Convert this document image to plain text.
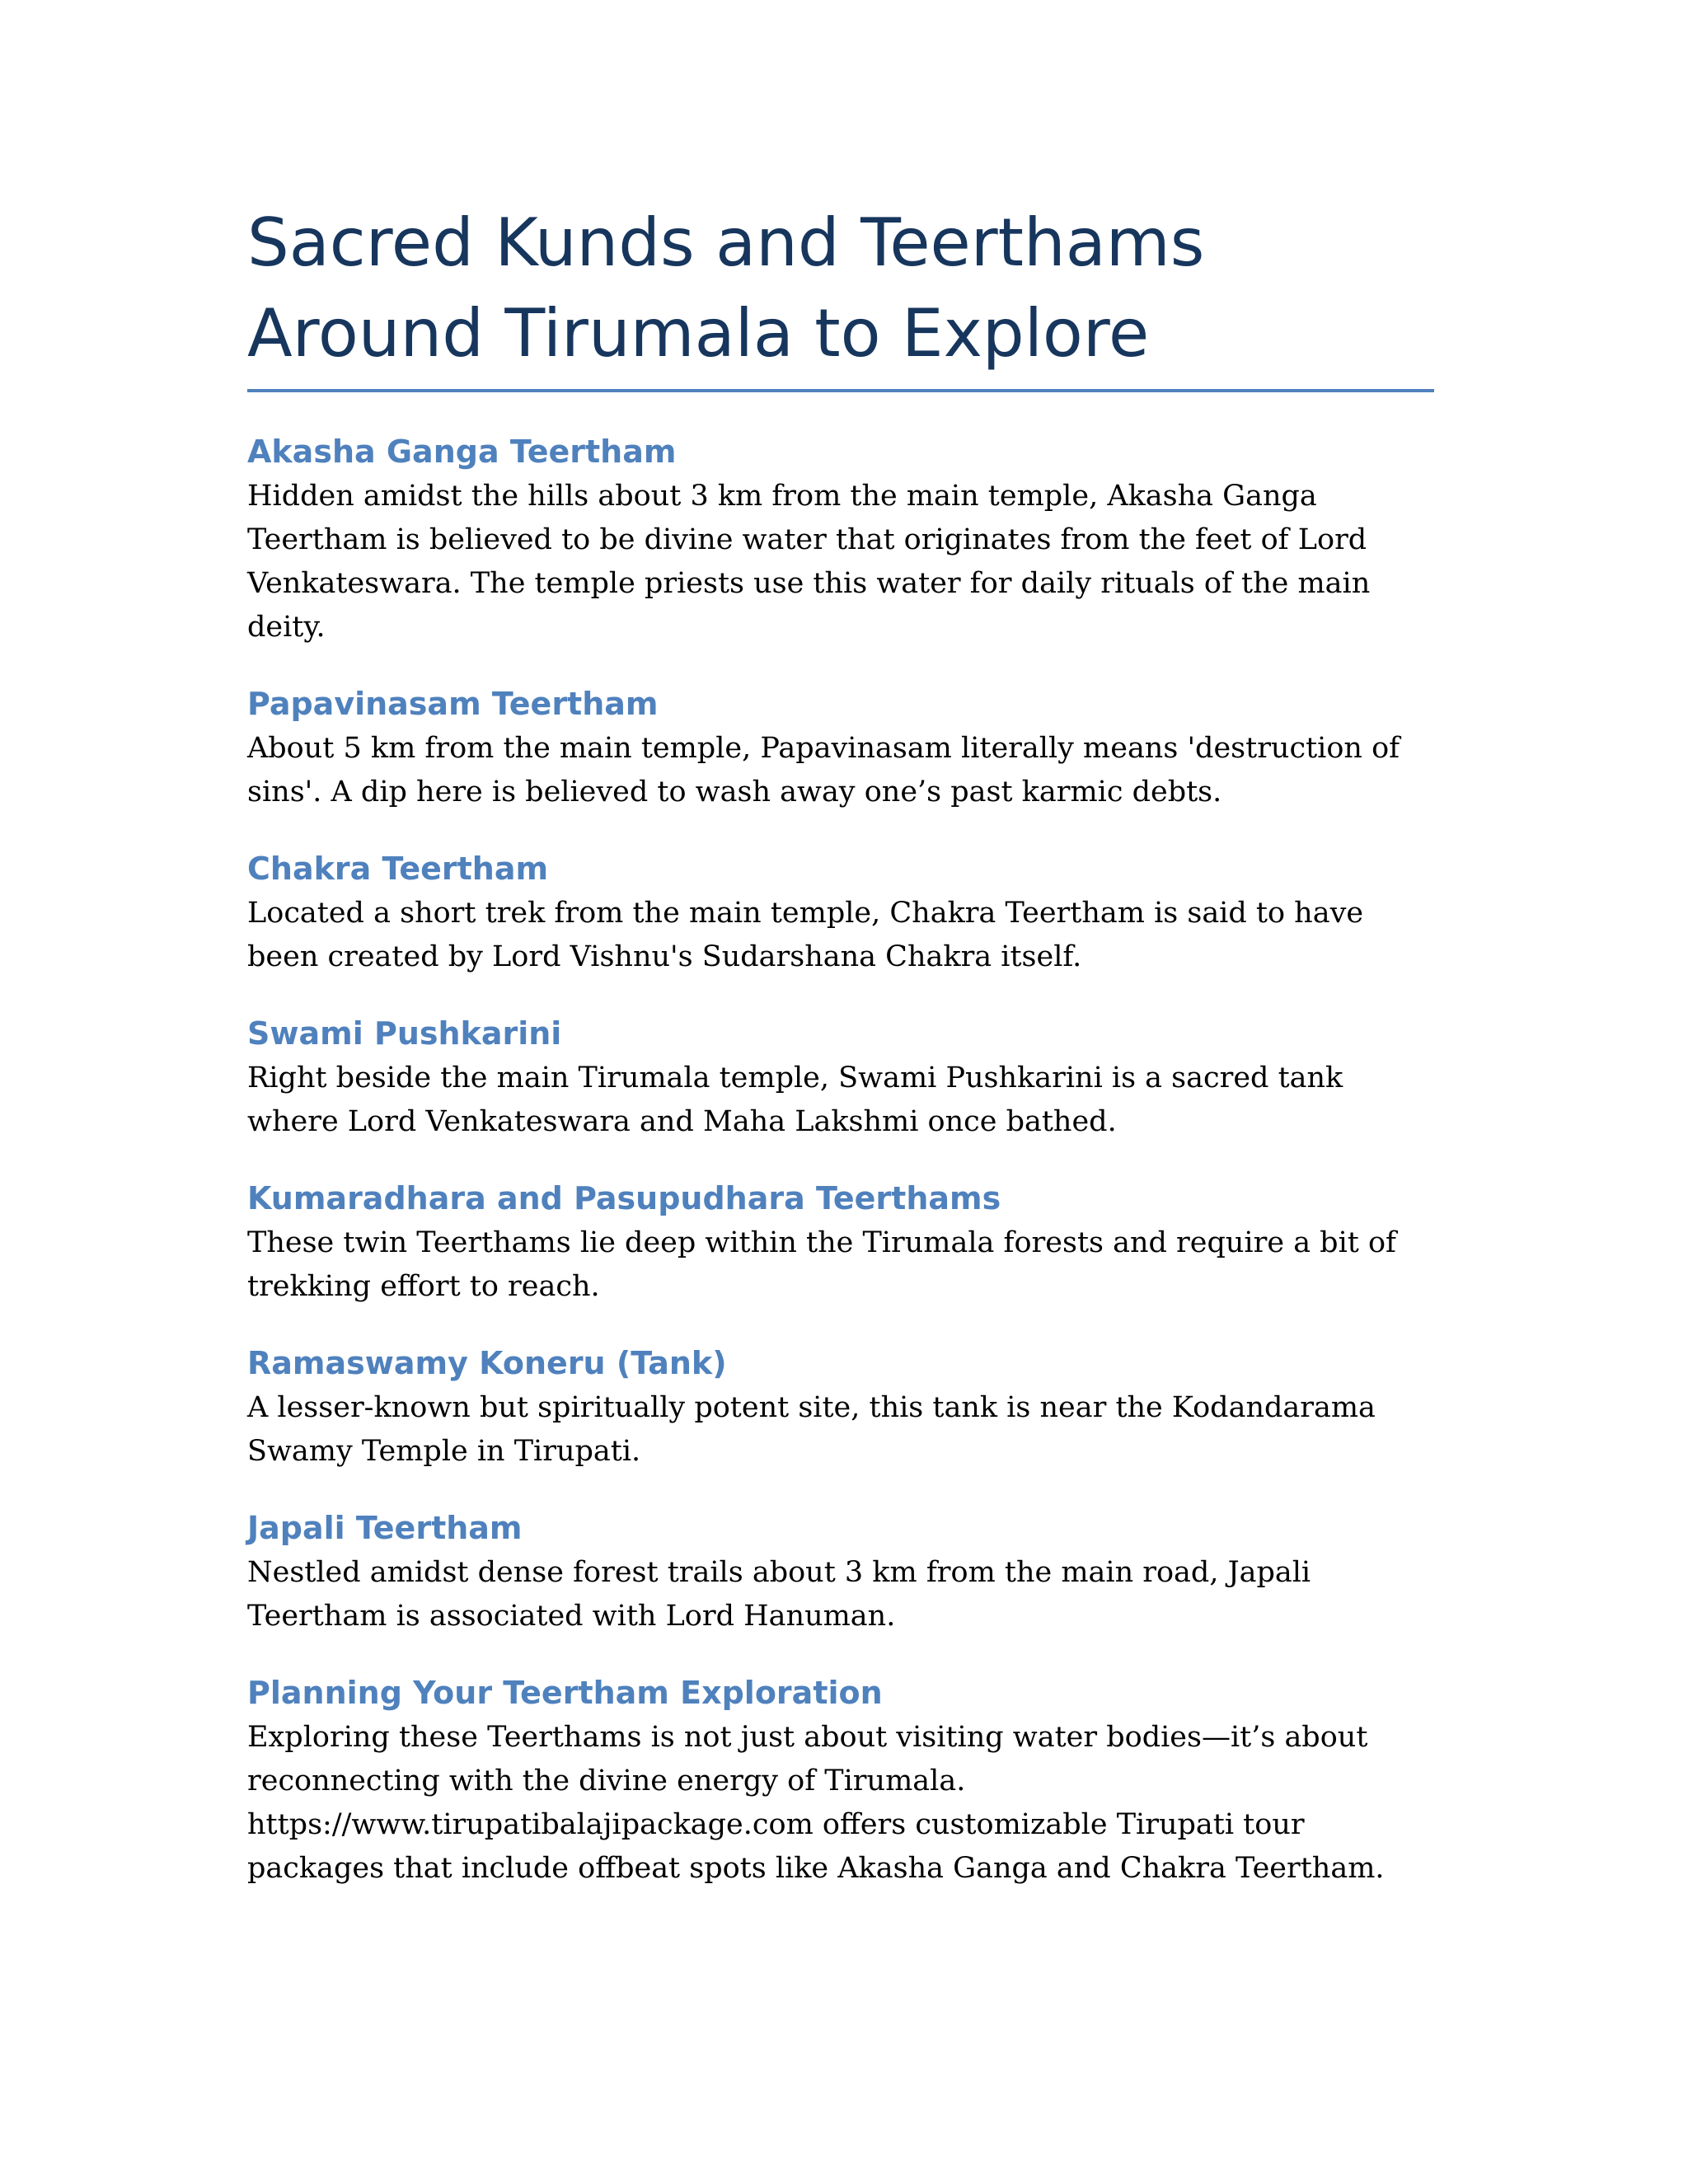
Sacred Kunds and Teerthams Around Tirumala to Explore
Akasha Ganga Teertham

Hidden amidst the hills about 3 km from the main temple, Akasha Ganga Teertham is believed to be divine water that originates from the feet of Lord Venkateswara. The temple priests use this water for daily rituals of the main deity.

Papavinasam Teertham

About 5 km from the main temple, Papavinasam literally means 'destruction of sins'. A dip here is believed to wash away one’s past karmic debts.

Chakra Teertham

Located a short trek from the main temple, Chakra Teertham is said to have been created by Lord Vishnu's Sudarshana Chakra itself.

Swami Pushkarini

Right beside the main Tirumala temple, Swami Pushkarini is a sacred tank where Lord Venkateswara and Maha Lakshmi once bathed.

Kumaradhara and Pasupudhara Teerthams

These twin Teerthams lie deep within the Tirumala forests and require a bit of trekking effort to reach.

Ramaswamy Koneru (Tank)

A lesser-known but spiritually potent site, this tank is near the Kodandarama Swamy Temple in Tirupati.

Japali Teertham

Nestled amidst dense forest trails about 3 km from the main road, Japali Teertham is associated with Lord Hanuman.

Planning Your Teertham Exploration

Exploring these Teerthams is not just about visiting water bodies—it’s about reconnecting with the divine energy of Tirumala. https://www.tirupatibalajipackage.com offers customizable Tirupati tour packages that include offbeat spots like Akasha Ganga and Chakra Teertham.
